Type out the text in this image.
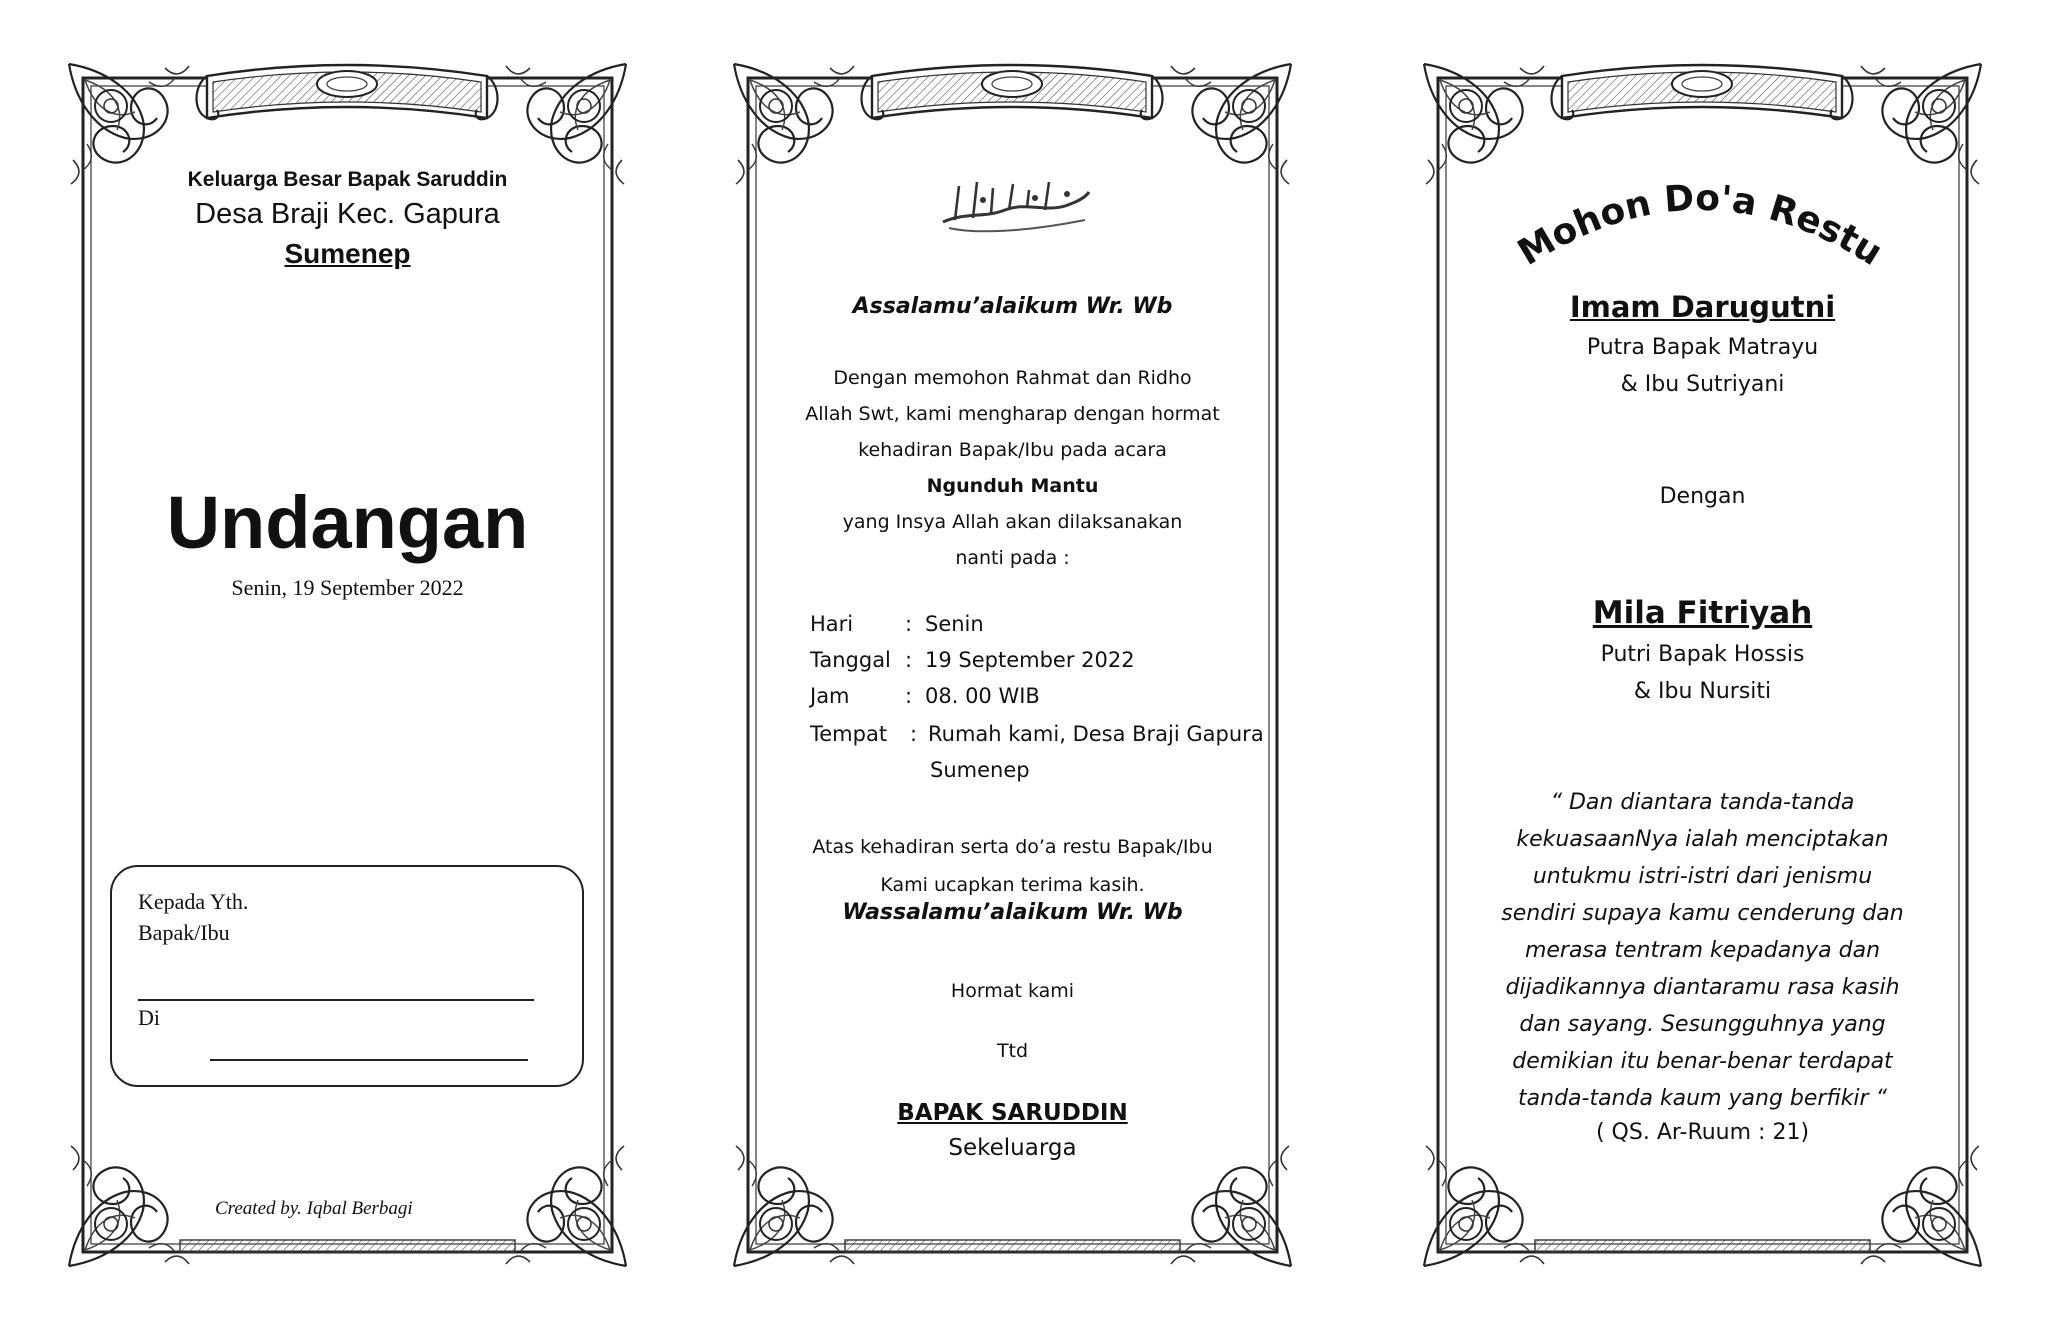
Keluarga Besar Bapak Saruddin
Desa Braji Kec. Gapura
Sumenep
Undangan
Senin, 19 September 2022
Kepada Yth.
Bapak/Ibu
Di
Created by. Iqbal Berbagi
Assalamu’alaikum Wr. Wb
Dengan memohon Rahmat dan Ridho
Allah Swt, kami mengharap dengan hormat
kehadiran Bapak/Ibu pada acara
Ngunduh Mantu
yang Insya Allah akan dilaksanakan
nanti pada :
Hari : Senin
Tanggal : 19 September 2022
Jam	: 08. 00 WIB
Tempat : Rumah kami, Desa Braji Gapura
Sumenep
Atas kehadiran serta do’a restu Bapak/Ibu
Kami ucapkan terima kasih.
Wassalamu’alaikum Wr. Wb
Hormat kami
Ttd
BAPAK SARUDDIN
Sekeluarga
Mohon Do'a Restu
Imam Darugutni
Putra Bapak Matrayu
& Ibu Sutriyani
Dengan
Mila Fitriyah
Putri Bapak Hossis
& Ibu Nursiti
“ Dan diantara tanda-tanda
kekuasaanNya ialah menciptakan
untukmu istri-istri dari jenismu
sendiri supaya kamu cenderung dan
merasa tentram kepadanya dan
dijadikannya diantaramu rasa kasih
dan sayang. Sesungguhnya yang
demikian itu benar-benar terdapat
tanda-tanda kaum yang berfikir “
( QS. Ar-Ruum : 21)
